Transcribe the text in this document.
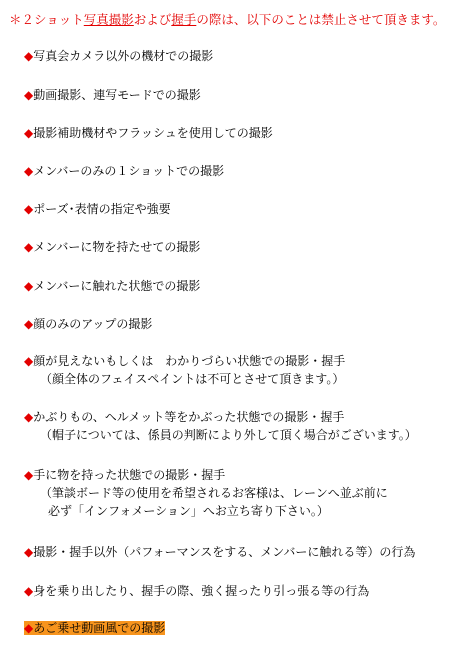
＊２ショット写真撮影および握手の際は、以下のことは禁止させて頂きます。
◆写真会カメラ以外の機材での撮影
◆動画撮影、連写モードでの撮影
◆撮影補助機材やフラッシュを使用しての撮影
◆メンバーのみの１ショットでの撮影
◆ポーズ･表情の指定や強要
◆メンバーに物を持たせての撮影
◆メンバーに触れた状態での撮影
◆顔のみのアップの撮影
◆顔が見えないもしくは　わかりづらい状態での撮影・握手
（顔全体のフェイスペイントは不可とさせて頂きます。）
◆かぶりもの、ヘルメット等をかぶった状態での撮影・握手
（帽子については、係員の判断により外して頂く場合がございます。）
◆手に物を持った状態での撮影・握手
（筆談ボード等の使用を希望されるお客様は、レーンへ並ぶ前に
必ず「インフォメーション」へお立ち寄り下さい。）
◆撮影・握手以外（パフォーマンスをする、メンバーに触れる等）の行為
◆身を乗り出したり、握手の際、強く握ったり引っ張る等の行為
◆あご乗せ動画風での撮影
